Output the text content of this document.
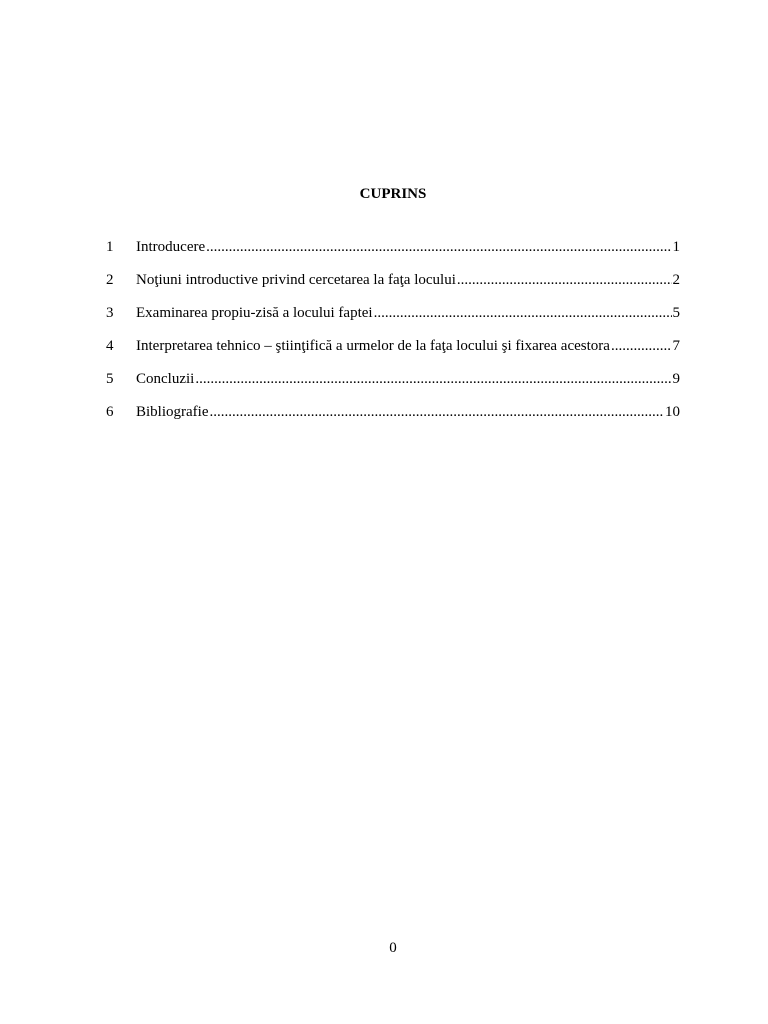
CUPRINS
1	Introducere .....	1
2	Noţiuni introductive privind cercetarea la faţa locului .....	2
3	Examinarea propiu-zisă a locului faptei .....	5
4	Interpretarea tehnico – ştiinţifică a urmelor de la faţa locului şi fixarea acestora .....	7
5	Concluzii .....	9
6	Bibliografie .....	10
0
